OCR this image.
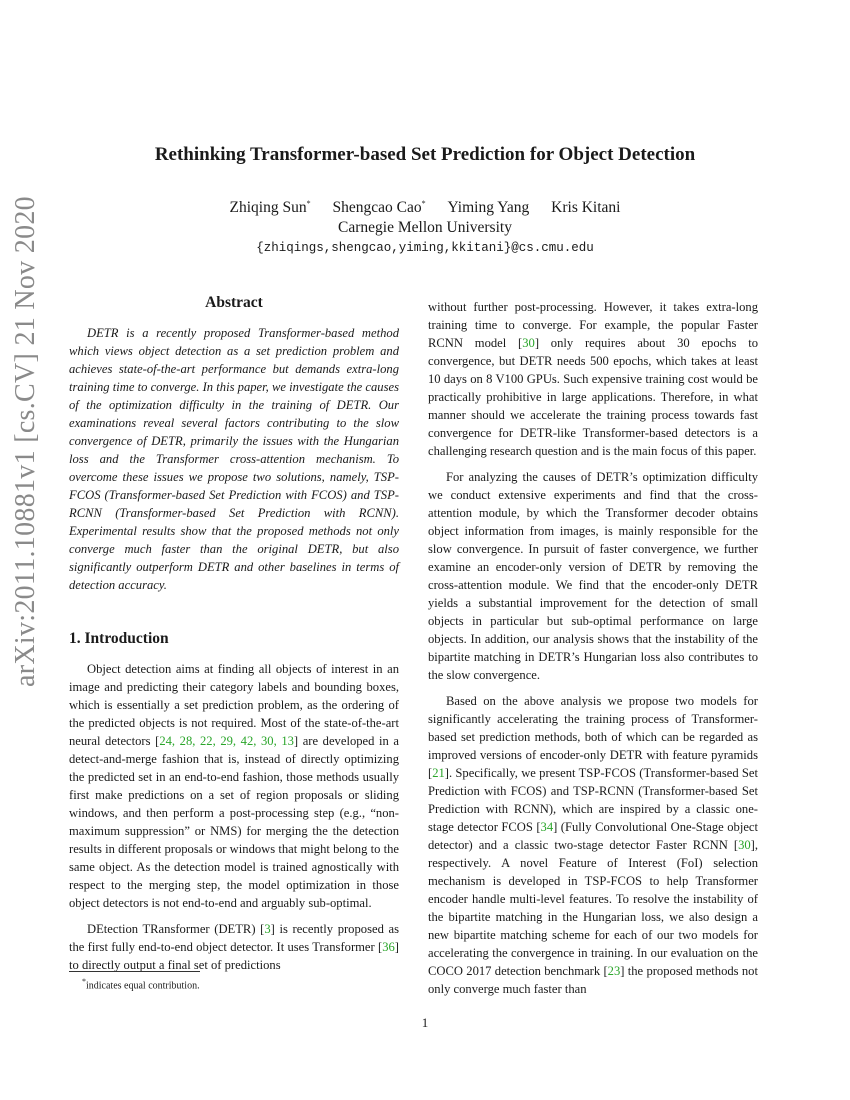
arXiv:2011.10881v1 [cs.CV] 21 Nov 2020
Rethinking Transformer-based Set Prediction for Object Detection
Zhiqing Sun* Shengcao Cao* Yiming Yang Kris Kitani
Carnegie Mellon University
{zhiqings,shengcao,yiming,kkitani}@cs.cmu.edu
Abstract

DETR is a recently proposed Transformer-based method which views object detection as a set prediction problem and achieves state-of-the-art performance but demands extra-long training time to converge. In this paper, we investigate the causes of the optimization difficulty in the training of DETR. Our examinations reveal several factors contributing to the slow convergence of DETR, primarily the issues with the Hungarian loss and the Transformer cross-attention mechanism. To overcome these issues we propose two solutions, namely, TSP-FCOS (Transformer-based Set Prediction with FCOS) and TSP-RCNN (Transformer-based Set Prediction with RCNN). Experimental results show that the proposed methods not only converge much faster than the original DETR, but also significantly outperform DETR and other baselines in terms of detection accuracy.

1. Introduction

Object detection aims at finding all objects of interest in an image and predicting their category labels and bounding boxes, which is essentially a set prediction problem, as the ordering of the predicted objects is not required. Most of the state-of-the-art neural detectors [24, 28, 22, 29, 42, 30, 13] are developed in a detect-and-merge fashion that is, instead of directly optimizing the predicted set in an end-to-end fashion, those methods usually first make predictions on a set of region proposals or sliding windows, and then perform a post-processing step (e.g., “non-maximum suppression” or NMS) for merging the the detection results in different proposals or windows that might belong to the same object. As the detection model is trained agnostically with respect to the merging step, the model optimization in those object detectors is not end-to-end and arguably sub-optimal.

DEtection TRansformer (DETR) [3] is recently proposed as the first fully end-to-end object detector. It uses Transformer [36] to directly output a final set of predictions

without further post-processing. However, it takes extra-long training time to converge. For example, the popular Faster RCNN model [30] only requires about 30 epochs to convergence, but DETR needs 500 epochs, which takes at least 10 days on 8 V100 GPUs. Such expensive training cost would be practically prohibitive in large applications. Therefore, in what manner should we accelerate the training process towards fast convergence for DETR-like Transformer-based detectors is a challenging research question and is the main focus of this paper.

For analyzing the causes of DETR’s optimization difficulty we conduct extensive experiments and find that the cross-attention module, by which the Transformer decoder obtains object information from images, is mainly responsible for the slow convergence. In pursuit of faster convergence, we further examine an encoder-only version of DETR by removing the cross-attention module. We find that the encoder-only DETR yields a substantial improvement for the detection of small objects in particular but sub-optimal performance on large objects. In addition, our analysis shows that the instability of the bipartite matching in DETR’s Hungarian loss also contributes to the slow convergence.

Based on the above analysis we propose two models for significantly accelerating the training process of Transformer-based set prediction methods, both of which can be regarded as improved versions of encoder-only DETR with feature pyramids [21]. Specifically, we present TSP-FCOS (Transformer-based Set Prediction with FCOS) and TSP-RCNN (Transformer-based Set Prediction with RCNN), which are inspired by a classic one-stage detector FCOS [34] (Fully Convolutional One-Stage object detector) and a classic two-stage detector Faster RCNN [30], respectively. A novel Feature of Interest (FoI) selection mechanism is developed in TSP-FCOS to help Transformer encoder handle multi-level features. To resolve the instability of the bipartite matching in the Hungarian loss, we also design a new bipartite matching scheme for each of our two models for accelerating the convergence in training. In our evaluation on the COCO 2017 detection benchmark [23] the proposed methods not only converge much faster than

*indicates equal contribution.
1
